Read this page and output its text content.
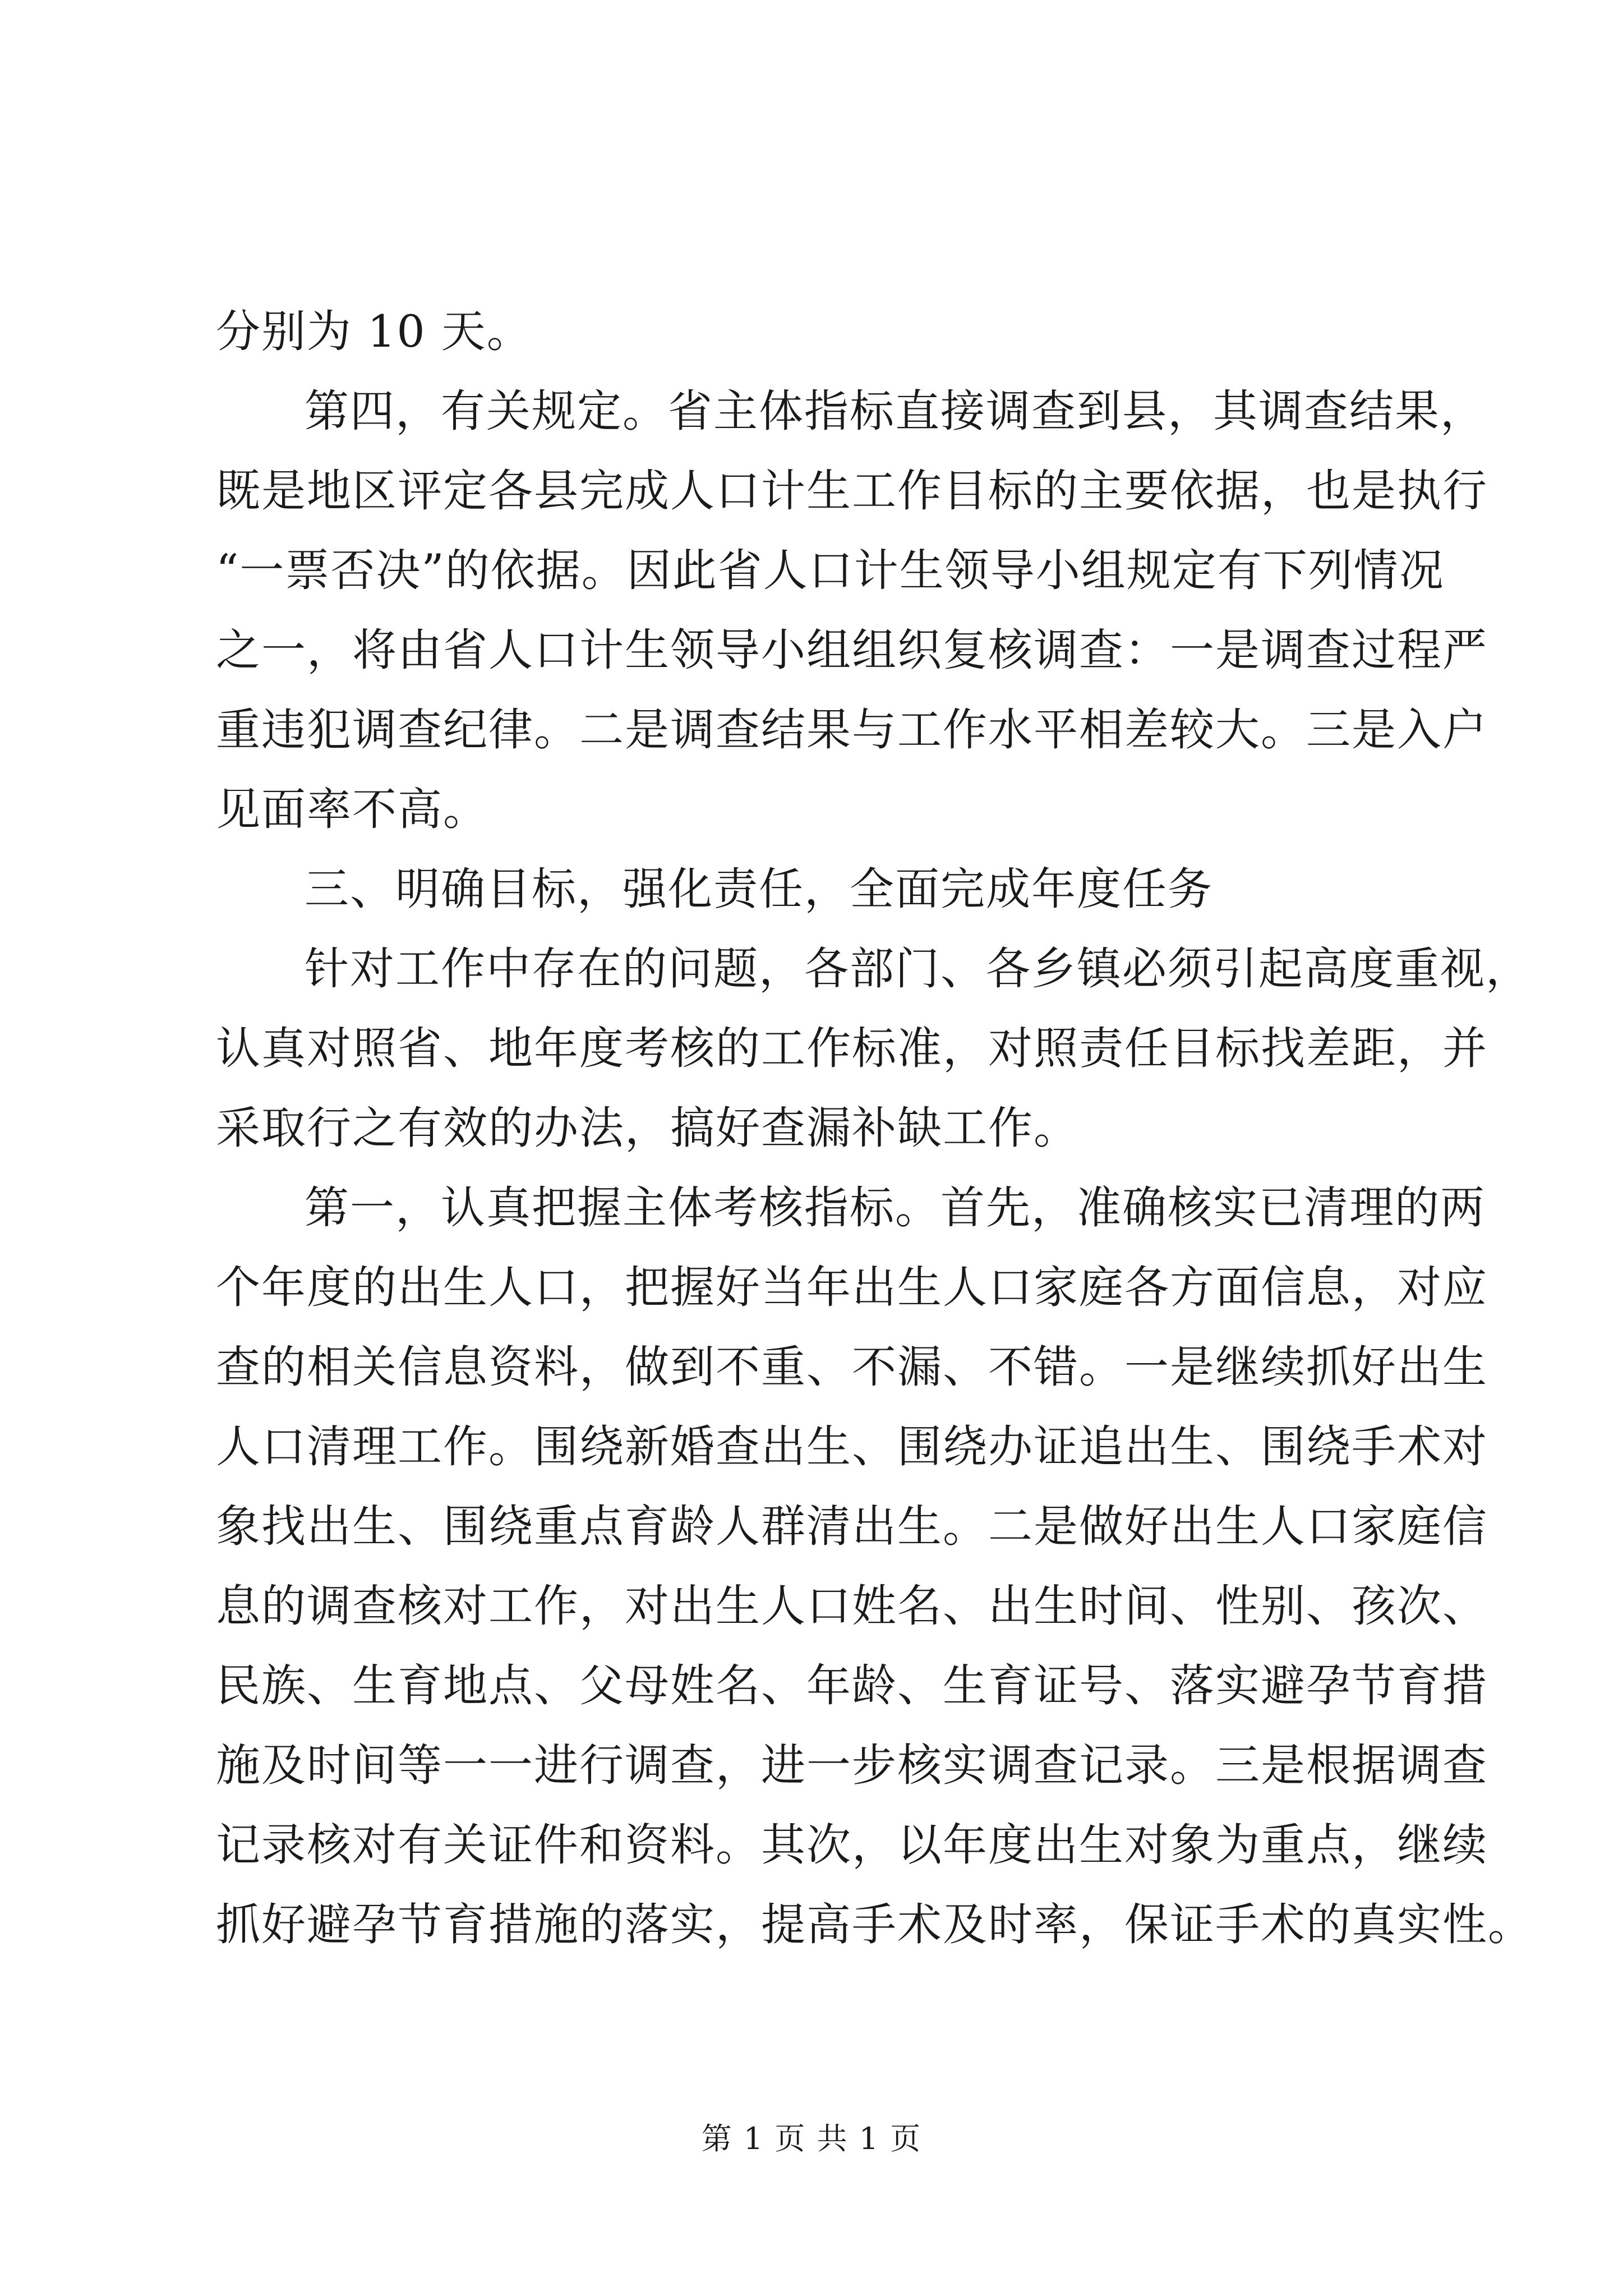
分别为 10 天。
第四，有关规定。省主体指标直接调查到县，其调查结果，
既是地区评定各县完成人口计生工作目标的主要依据，也是执行
“一票否决”的依据。因此省人口计生领导小组规定有下列情况
之一，将由省人口计生领导小组组织复核调查：一是调查过程严
重违犯调查纪律。二是调查结果与工作水平相差较大。三是入户
见面率不高。
三、明确目标，强化责任，全面完成年度任务
针对工作中存在的问题，各部门、各乡镇必须引起高度重视，
认真对照省、地年度考核的工作标准，对照责任目标找差距，并
采取行之有效的办法，搞好查漏补缺工作。
第一，认真把握主体考核指标。首先，准确核实已清理的两
个年度的出生人口，把握好当年出生人口家庭各方面信息，对应
查的相关信息资料，做到不重、不漏、不错。一是继续抓好出生
人口清理工作。围绕新婚查出生、围绕办证追出生、围绕手术对
象找出生、围绕重点育龄人群清出生。二是做好出生人口家庭信
息的调查核对工作，对出生人口姓名、出生时间、性别、孩次、
民族、生育地点、父母姓名、年龄、生育证号、落实避孕节育措
施及时间等一一进行调查，进一步核实调查记录。三是根据调查
记录核对有关证件和资料。其次，以年度出生对象为重点，继续
抓好避孕节育措施的落实，提高手术及时率，保证手术的真实性。
第 1 页 共 1 页
